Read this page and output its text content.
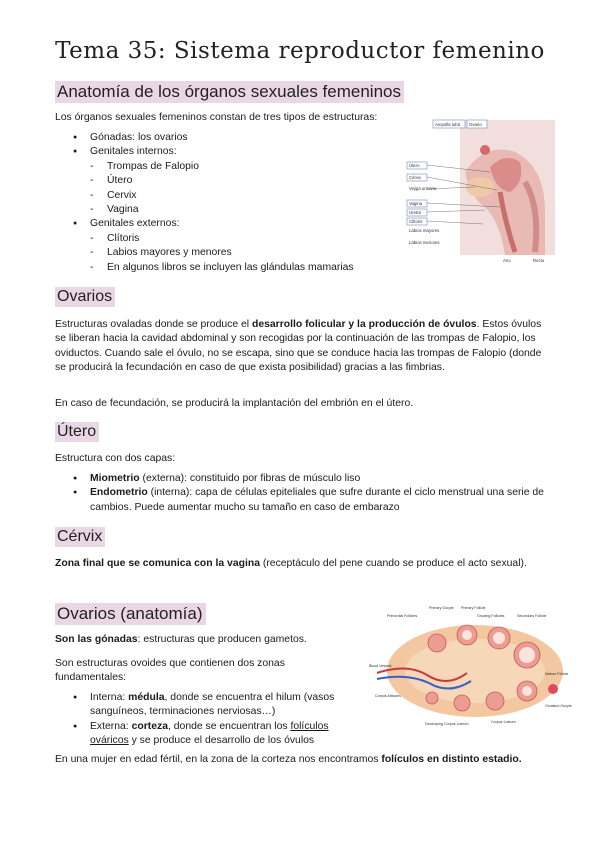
Tema 35: Sistema reproductor femenino
Anatomía de los órganos sexuales femeninos
Los órganos sexuales femeninos constan de tres tipos de estructuras:
● Gónadas: los ovarios
● Genitales internos:
- Trompas de Falopio
- Útero
- Cervix
- Vagina
● Genitales externos:
- Clítoris
- Labios mayores y menores
- En algunos libros se incluyen las glándulas mamarias
Ampolla tubá Ovario
Útero
Cérvix
Vejiga urinaria
Vagina
Uretra
Clítoris
Labios mayores
Labios menores
Ano	Recto
Ovarios
Estructuras ovaladas donde se produce el desarrollo folicular y la producción de óvulos. Estos óvulos se liberan hacia la cavidad abdominal y son recogidas por la continuación de las trompas de Falopio, los oviductos. Cuando sale el óvulo, no se escapa, sino que se conduce hacia las trompas de Falopio (donde se producirá la fecundación en caso de que exista posibilidad) gracias a las fimbrias.
En caso de fecundación, se producirá la implantación del embrión en el útero.
Útero
Estructura con dos capas:
● Miometrio (externa): constituido por fibras de músculo liso
● Endometrio (interna): capa de células epiteliales que sufre durante el ciclo menstrual una serie de cambios. Puede aumentar mucho su tamaño en caso de embarazo
Cérvix
Zona final que se comunica con la vagina (receptáculo del pene cuando se produce el acto sexual).
Ovarios (anatomía)
Son las gónadas: estructuras que producen gametos.
Son estructuras ovoides que contienen dos zonas fundamentales:
● Interna: médula, donde se encuentra el hilum (vasos sanguíneos, terminaciones nerviosas…)
● Externa: corteza, donde se encuentran los folículos ováricos y se produce el desarrollo de los óvulos
En una mujer en edad fértil, en la zona de la corteza nos encontramos folículos en distinto estadio.
Primary Oocyte
Primordial Follicles
Primary Follicle
Secondary Follicle
Growing Follicles
Mature Follicle
Ovulated Oocyte
Corpus Albicans
Corpus Luteum
Developing Corpus Luteum
Blood Vessels
